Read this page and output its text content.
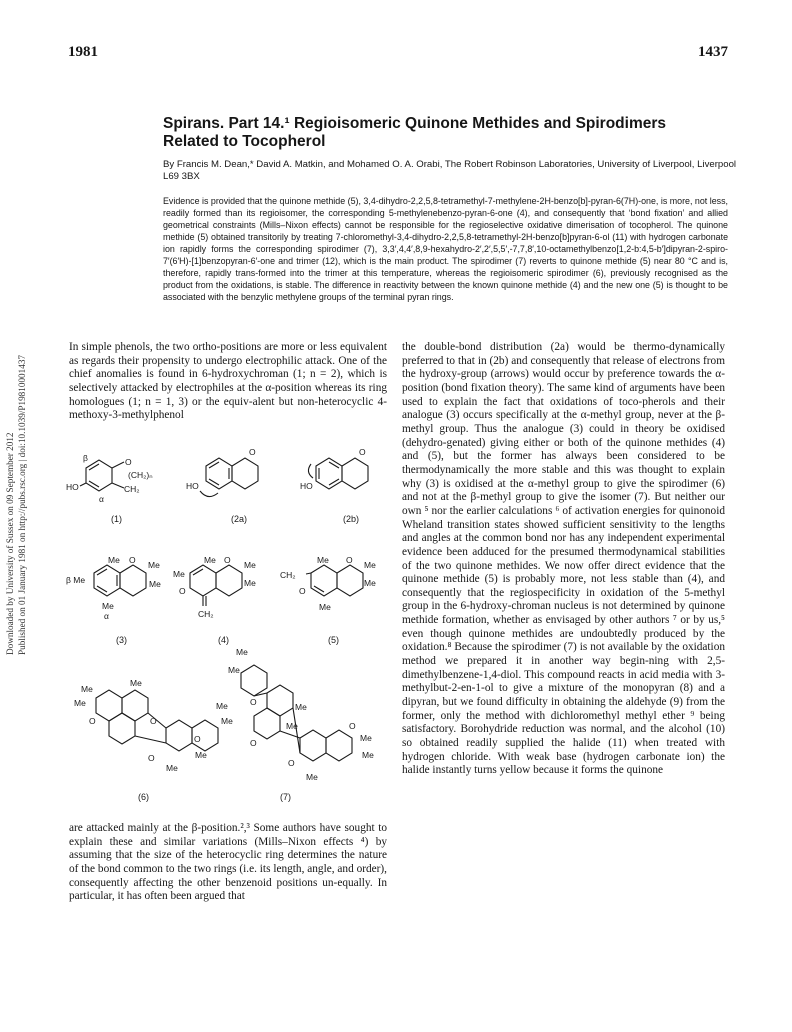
1981	1437
Downloaded by University of Sussex on 09 September 2012 Published on 01 January 1981 on http://pubs.rsc.org | doi:10.1039/P19810001437
Spirans. Part 14.¹ Regioisomeric Quinone Methides and Spirodimers Related to Tocopherol
By Francis M. Dean,* David A. Matkin, and Mohamed O. A. Orabi, The Robert Robinson Laboratories, University of Liverpool, Liverpool L69 3BX
Evidence is provided that the quinone methide (5), 3,4-dihydro-2,2,5,8-tetramethyl-7-methylene-2H-benzo[b]-pyran-6(7H)-one, is more, not less, readily formed than its regioisomer, the corresponding 5-methylenebenzo-pyran-6-one (4), and consequently that ‘bond fixation’ and allied geometrical constraints (Mills–Nixon effects) cannot be responsible for the regioselective oxidative dimerisation of tocopherol. The quinone methide (5) obtained transitorily by treating 7-chloromethyl-3,4-dihydro-2,2,5,8-tetramethyl-2H-benzo[b]pyran-6-ol (11) with hydrogen carbonate ion rapidly forms the corresponding spirodimer (7), 3,3′,4,4′,8,9-hexahydro-2′,2′,5,5′,-7,7,8′,10-octamethylbenzo[1,2-b:4,5-b′]dipyran-2-spiro-7′(6′H)-[1]benzopyran-6′-one and trimer (12), which is the main product. The spirodimer (7) reverts to quinone methide (5) near 80 °C and is, therefore, rapidly trans-formed into the trimer at this temperature, whereas the regioisomeric spirodimer (6), previously recognised as the product from the oxidations, is stable. The difference in reactivity between the known quinone methide (4) and the new one (5) is thought to be associated with the benzylic methylene groups of the terminal pyran rings.
In simple phenols, the two ortho-positions are more or less equivalent as regards their propensity to undergo electrophilic attack. One of the chief anomalies is found in 6-hydroxychroman (1; n = 2), which is selectively attacked by electrophiles at the α-position whereas its ring homologues (1; n = 1, 3) or the equiv-alent but non-heterocyclic 4-methoxy-3-methylphenol
O
(CH₂)ₙ
CH₂
HO
β
α
(1)
O
HO
(2a)
O
HO
(2b)
Me O Me
Me
β Me
Me
α
(3)
Me O Me
Me
Me
O
CH₂
(4)
CH₂
Me O Me
Me
O
Me
(5)
Me
Me
Me
O	O
Me
Me
O
Me
O
Me
(6)
Me
Me
O	Me
Me
O
O
Me
Me
O
Me
(7)
are attacked mainly at the β-position.²,³ Some authors have sought to explain these and similar variations (Mills–Nixon effects ⁴) by assuming that the size of the heterocyclic ring determines the nature of the bond common to the two rings (i.e. its length, angle, and order), consequently affecting the other benzenoid positions un-equally. In particular, it has often been argued that
the double-bond distribution (2a) would be thermo-dynamically preferred to that in (2b) and consequently that release of electrons from the hydroxy-group (arrows) would occur by preference towards the α-position (bond fixation theory). The same kind of arguments have been used to explain the fact that oxidations of toco-pherols and their analogue (3) occurs specifically at the α-methyl group, never at the β-methyl group. Thus the analogue (3) could in theory be oxidised (dehydro-genated) giving either or both of the quinone methides (4) and (5), but the former has always been considered to be thermodynamically the more stable and this was thought to explain why (3) is oxidised at the α-methyl group to give the spirodimer (6) and not at the β-methyl group to give the isomer (7). But neither our own ⁵ nor the earlier calculations ⁶ of activation energies for quinonoid Wheland transition states showed sufficient sensitivity to the lengths and angles at the common bond nor has any independent experimental evidence been adduced for the presumed thermodynamical stabilities of the two quinone methides. We now offer direct evidence that the quinone methide (5) is probably more, not less stable than (4), and consequently that the regiospecificity in oxidation of the 5-methyl group in the 6-hydroxy-chroman nucleus is not determined by quinone methide formation, whether as envisaged by other authors ⁷ or by us,⁵ even though quinone methides are undoubtedly produced by the oxidation.⁸ Because the spirodimer (7) is not available by the oxidation method we prepared it in another way begin-ning with 2,5-dimethylbenzene-1,4-diol. This compound reacts in acid media with 3-methylbut-2-en-1-ol to give a mixture of the monopyran (8) and a dipyran, but we found difficulty in obtaining the aldehyde (9) from the former, only the method with dichloromethyl methyl ether ⁹ being satisfactory. Borohydride reduction was normal, and the alcohol (10) so obtained readily supplied the halide (11) when treated with hydrogen chloride. With weak base (hydrogen carbonate ion) the halide instantly turns yellow because it forms the quinone
